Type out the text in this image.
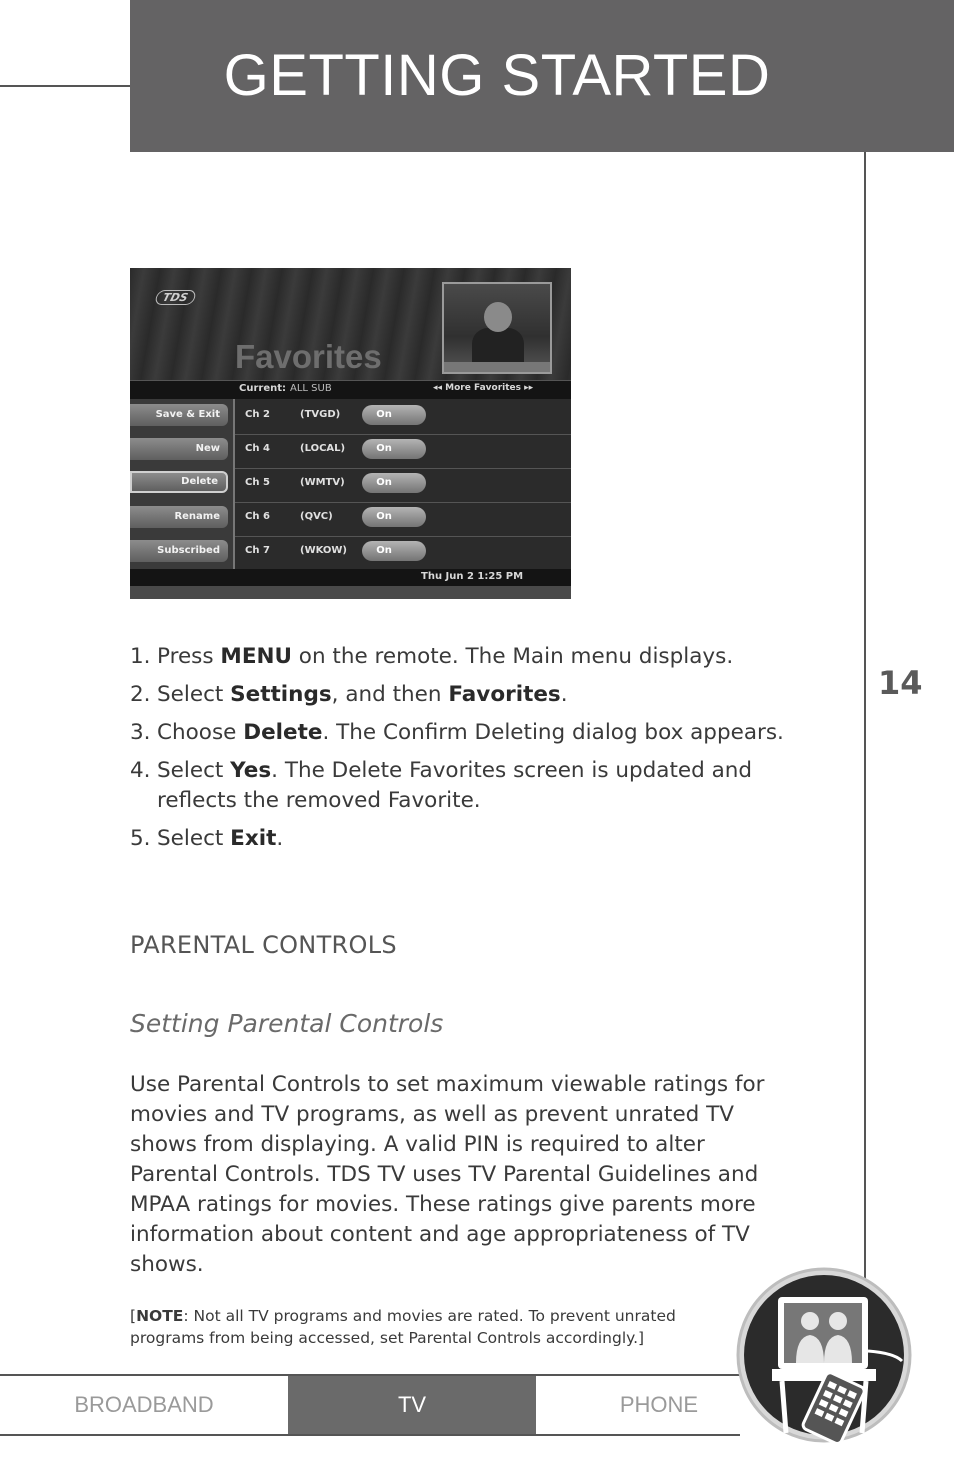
GETTING STARTED
14
TDS
Favorites
Current: ALL SUB	◂◂ More Favorites ▸▸
Save & Exit
New
Delete
Rename
Subscribed
Ch 2	(TVGD)	On
Ch 4	(LOCAL)	On
Ch 5	(WMTV)	On
Ch 6	(QVC)	On
Ch 7	(WKOW)	On
Thu Jun 2 1:25 PM
1. Press MENU on the remote. The Main menu displays.
2. Select Settings, and then Favorites.
3. Choose Delete. The Confirm Deleting dialog box appears.
4. Select Yes. The Delete Favorites screen is updated and reflects the removed Favorite.
5. Select Exit.
PARENTAL CONTROLS
Setting Parental Controls
Use Parental Controls to set maximum viewable ratings for movies and TV programs, as well as prevent unrated TV shows from displaying. A valid PIN is required to alter Parental Controls. TDS TV uses TV Parental Guidelines and MPAA ratings for movies. These ratings give parents more information about content and age appropriateness of TV shows.
[NOTE: Not all TV programs and movies are rated. To prevent unrated programs from being accessed, set Parental Controls accordingly.]
BROADBAND	TV	PHONE
